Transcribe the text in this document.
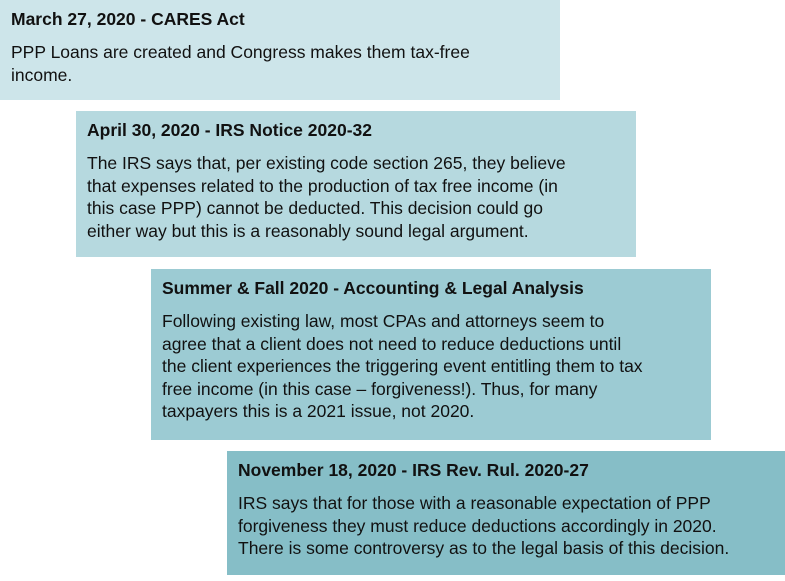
March 27, 2020 - CARES Act
PPP Loans are created and Congress makes them tax-free
income.
April 30, 2020 - IRS Notice 2020-32
The IRS says that, per existing code section 265, they believe
that expenses related to the production of tax free income (in
this case PPP) cannot be deducted. This decision could go
either way but this is a reasonably sound legal argument.
Summer & Fall 2020 - Accounting & Legal Analysis
Following existing law, most CPAs and attorneys seem to
agree that a client does not need to reduce deductions until
the client experiences the triggering event entitling them to tax
free income (in this case – forgiveness!). Thus, for many
taxpayers this is a 2021 issue, not 2020.
November 18, 2020 - IRS Rev. Rul. 2020-27
IRS says that for those with a reasonable expectation of PPP
forgiveness they must reduce deductions accordingly in 2020.
There is some controversy as to the legal basis of this decision.
